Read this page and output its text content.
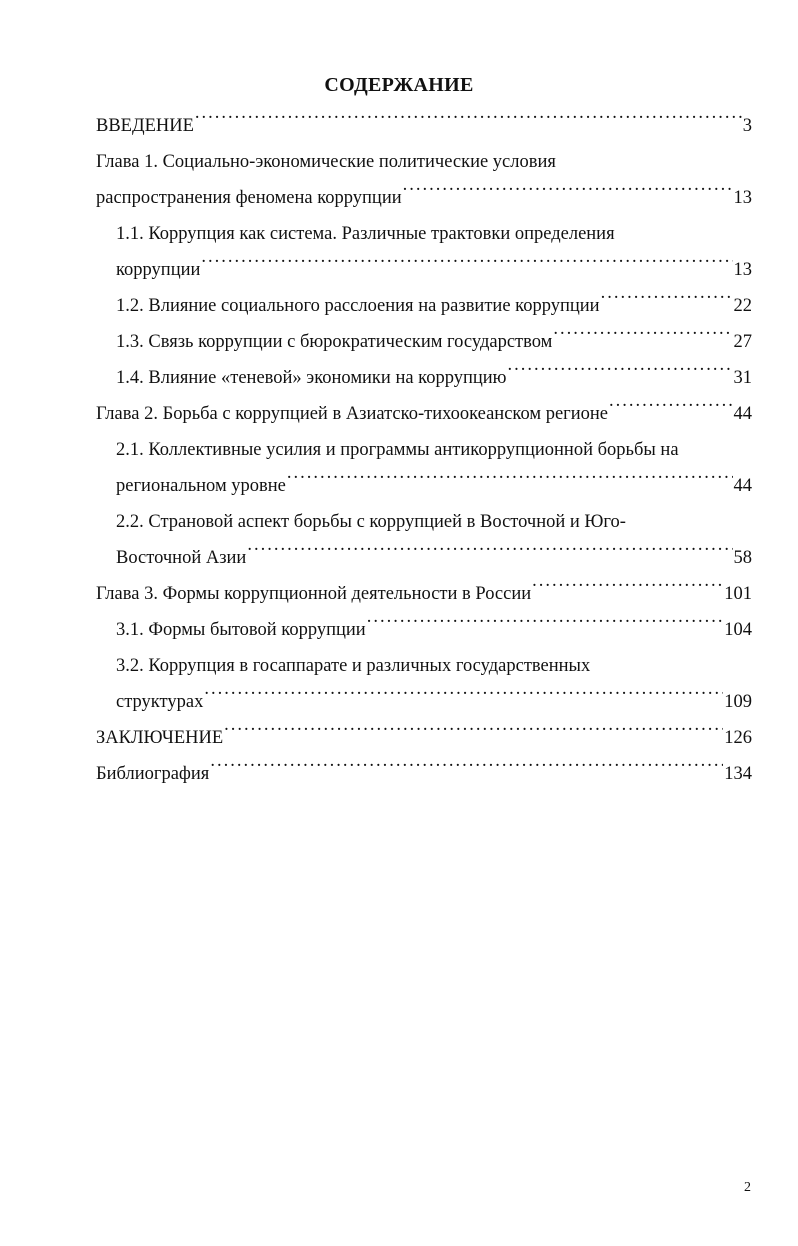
СОДЕРЖАНИЕ
ВВЕДЕНИЕ .....	3
Глава 1. Социально-экономические политические условия
распространения феномена коррупции .....	13
1.1. Коррупция как система. Различные трактовки определения
коррупции .....	13
1.2. Влияние социального расслоения на развитие коррупции .....	22
1.3. Связь коррупции с бюрократическим государством .....	27
1.4. Влияние «теневой» экономики на коррупцию .....	31
Глава 2. Борьба с коррупцией в Азиатско-тихоокеанском регионе .....	44
2.1. Коллективные усилия и программы антикоррупционной борьбы на
региональном уровне .....	44
2.2. Страновой аспект борьбы с коррупцией в Восточной и Юго-
Восточной Азии .....	58
Глава 3. Формы коррупционной деятельности в России .....	101
3.1. Формы бытовой коррупции .....	104
3.2. Коррупция в госаппарате и различных государственных
структурах .....	109
ЗАКЛЮЧЕНИЕ .....	126
Библиография .....	134
2
